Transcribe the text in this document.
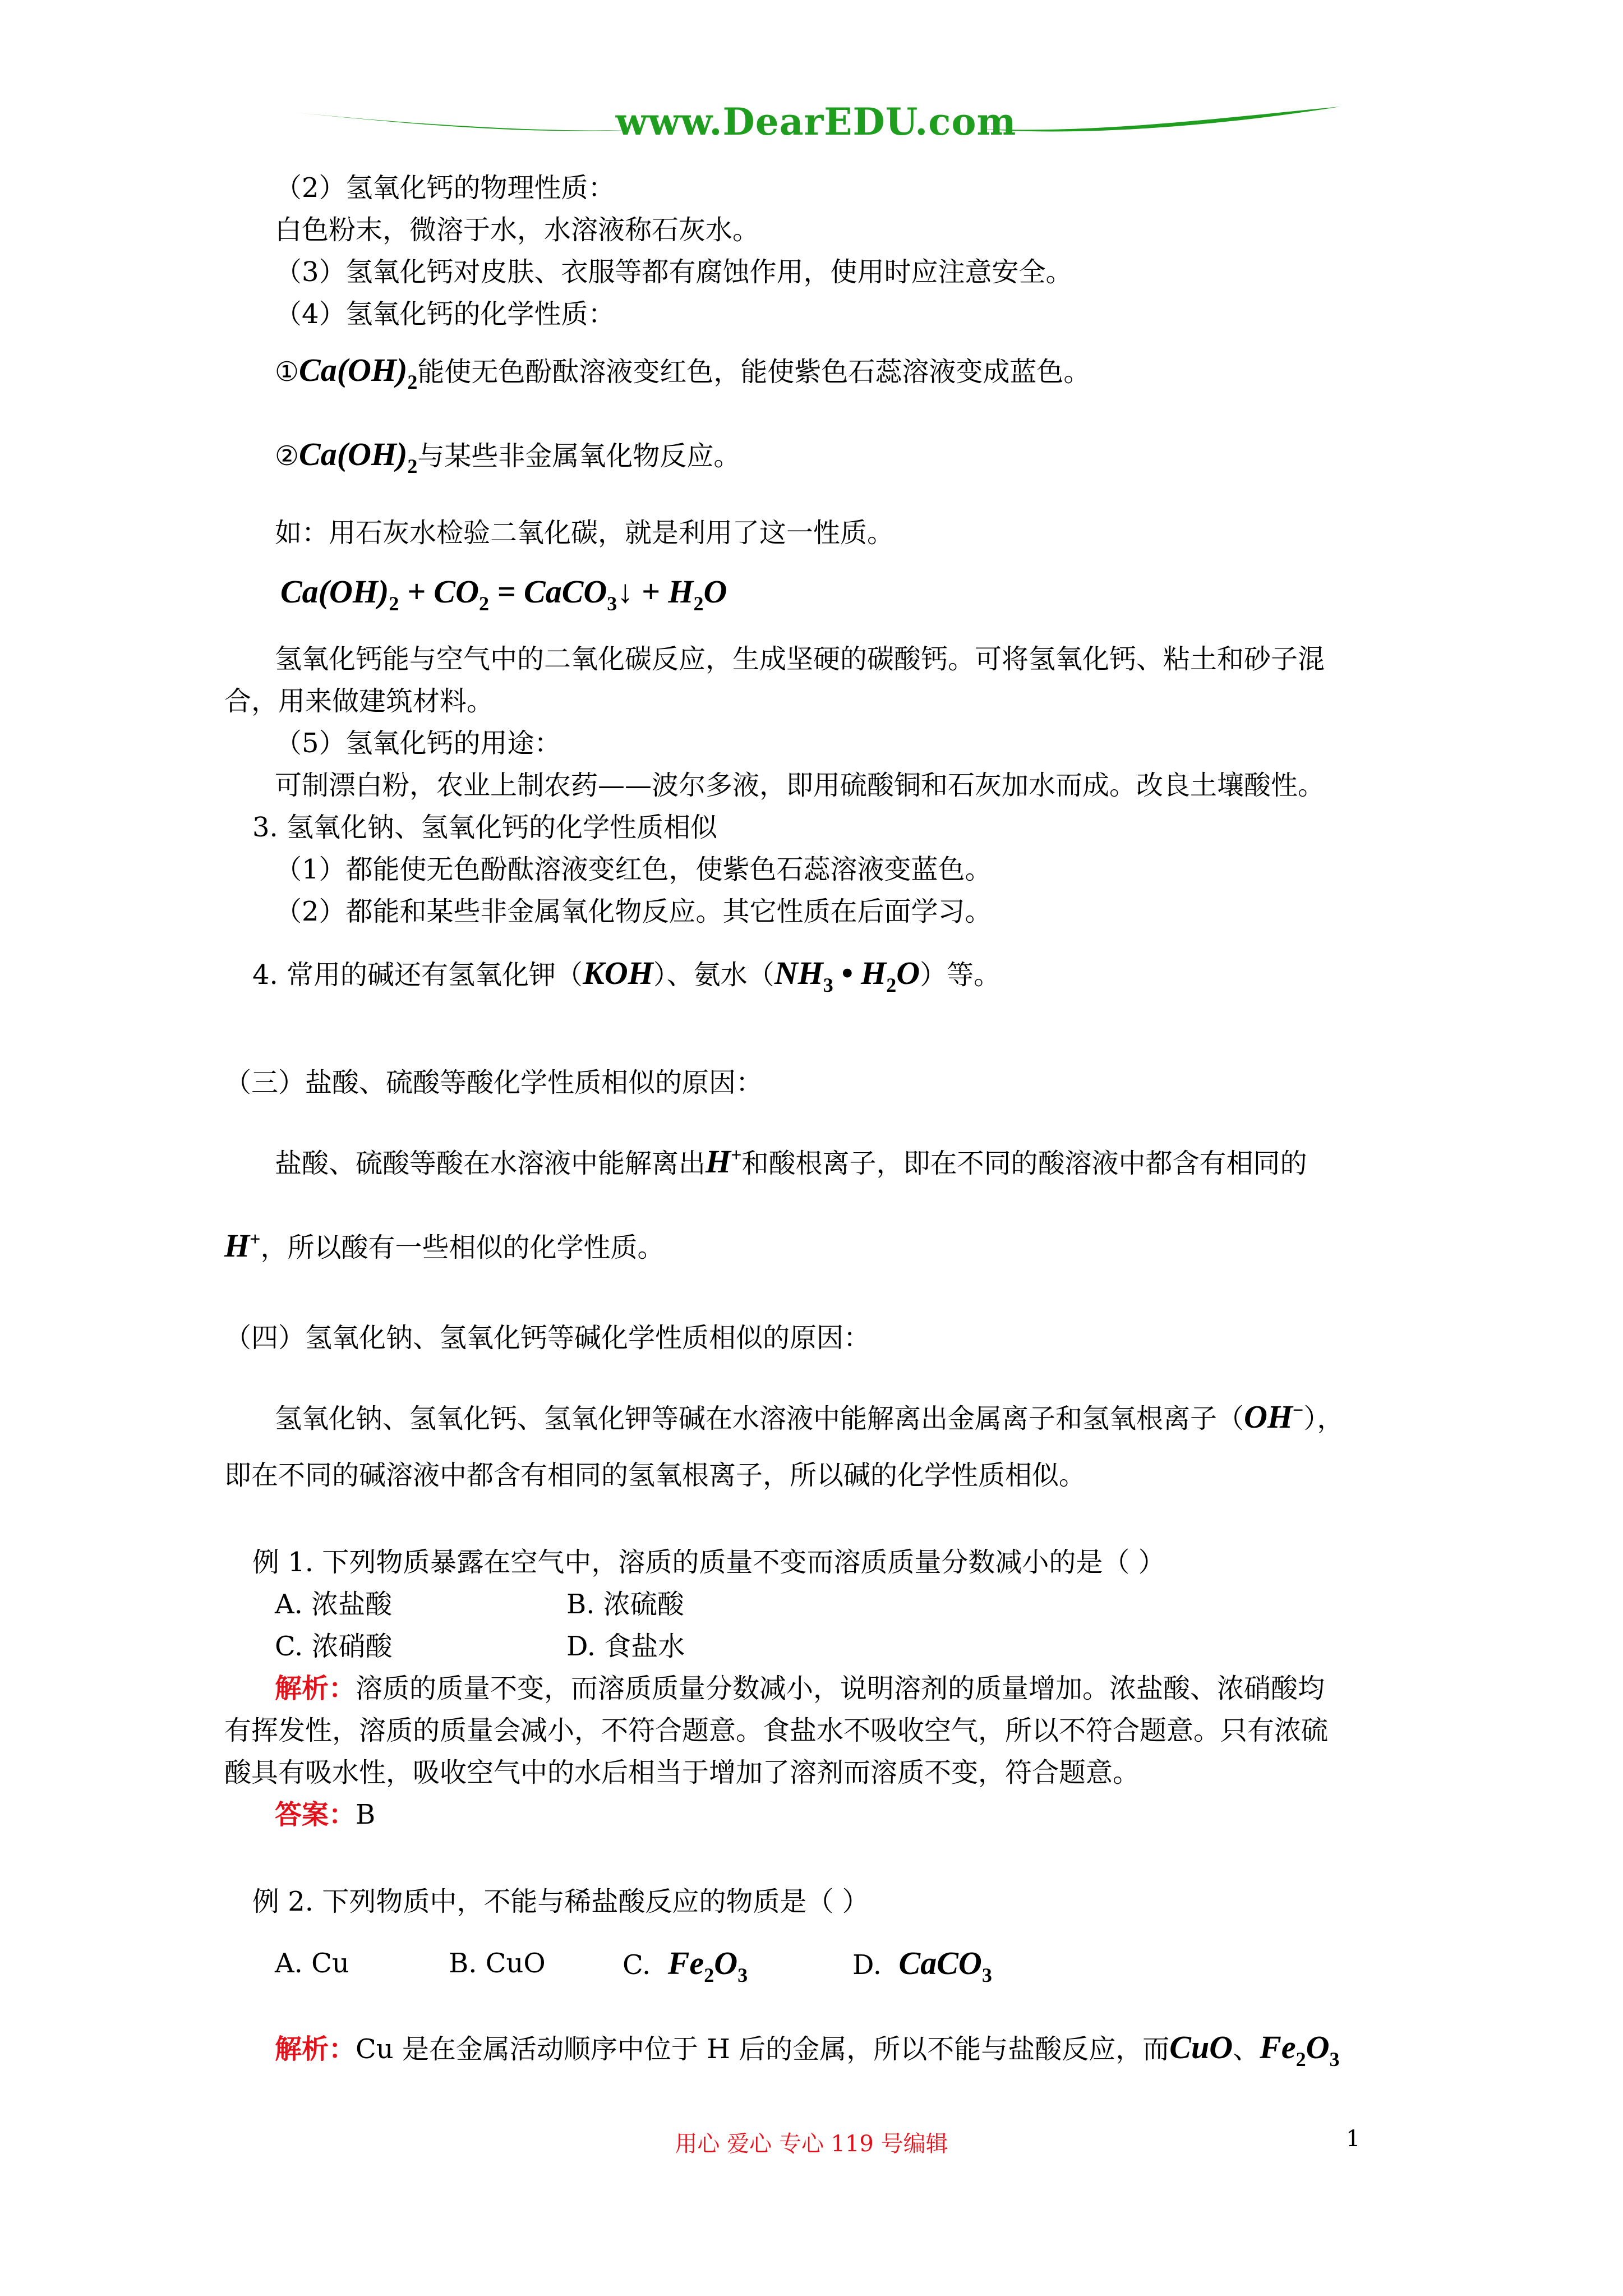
www.DearEDU.com
（2）氢氧化钙的物理性质：
白色粉末，微溶于水，水溶液称石灰水。
（3）氢氧化钙对皮肤、衣服等都有腐蚀作用，使用时应注意安全。
（4）氢氧化钙的化学性质：
$①Ca(OH)_2$能使无色酚酞溶液变红色，能使紫色石蕊溶液变成蓝色。
$②Ca(OH)_2$与某些非金属氧化物反应。
如：用石灰水检验二氧化碳，就是利用了这一性质。
$Ca(OH)_2 + CO_2$ = CaCO$_3$↓ + $H_2O$
氢氧化钙能与空气中的二氧化碳反应，生成坚硬的碳酸钙。可将氢氧化钙、粘土和砂子混
合，用来做建筑材料。
（5）氢氧化钙的用途：
可制漂白粉，农业上制农药——波尔多液，即用硫酸铜和石灰加水而成。改良土壤酸性。
3. 氢氧化钠、氢氧化钙的化学性质相似
（1）都能使无色酚酞溶液变红色，使紫色石蕊溶液变蓝色。
（2）都能和某些非金属氧化物反应。其它性质在后面学习。
4. 常用的碱还有氢氧化钾（KOH）、氨水（$NH_3$ • $H_2O$）等。
（三）盐酸、硫酸等酸化学性质相似的原因：
盐酸、硫酸等酸在水溶液中能解离出H+和酸根离子，即在不同的酸溶液中都含有相同的
H+，所以酸有一些相似的化学性质。
（四）氢氧化钠、氢氧化钙等碱化学性质相似的原因：
氢氧化钠、氢氧化钙、氢氧化钾等碱在水溶液中能解离出金属离子和氢氧根离子（OH−），
即在不同的碱溶液中都含有相同的氢氧根离子，所以碱的化学性质相似。
例 1. 下列物质暴露在空气中，溶质的质量不变而溶质质量分数减小的是（ ）
A. 浓盐酸	B. 浓硫酸
C. 浓硝酸	D. 食盐水
解析：溶质的质量不变，而溶质质量分数减小，说明溶剂的质量增加。浓盐酸、浓硝酸均
有挥发性，溶质的质量会减小，不符合题意。食盐水不吸收空气，所以不符合题意。只有浓硫
酸具有吸水性，吸收空气中的水后相当于增加了溶剂而溶质不变，符合题意。
答案：B
例 2. 下列物质中，不能与稀盐酸反应的物质是（ ）
A. Cu	B. CuO	C. $Fe_2O_3$	D. CaCO$_3$
解析：Cu 是在金属活动顺序中位于 H 后的金属，所以不能与盐酸反应，而CuO、$Fe_2O_3$
用心 爱心 专心 119 号编辑	1
